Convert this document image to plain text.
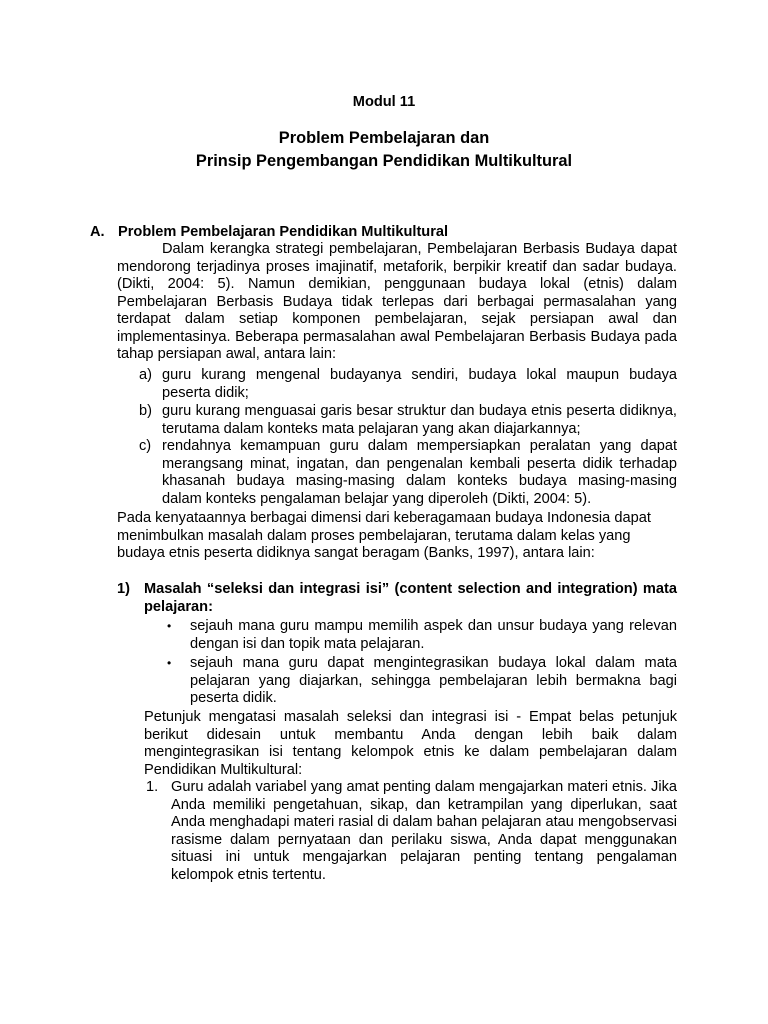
Modul 11
Problem Pembelajaran dan
Prinsip Pengembangan Pendidikan Multikultural
A. Problem Pembelajaran Pendidikan Multikultural
Dalam kerangka strategi pembelajaran, Pembelajaran Berbasis Budaya dapat mendorong terjadinya proses imajinatif, metaforik, berpikir kreatif dan sadar budaya. (Dikti, 2004: 5). Namun demikian, penggunaan budaya lokal (etnis) dalam Pembelajaran Berbasis Budaya tidak terlepas dari berbagai permasalahan yang terdapat dalam setiap komponen pembelajaran, sejak persiapan awal dan implementasinya. Beberapa permasalahan awal Pembelajaran Berbasis Budaya pada tahap persiapan awal, antara lain:
a) guru kurang mengenal budayanya sendiri, budaya lokal maupun budaya peserta didik;
b) guru kurang menguasai garis besar struktur dan budaya etnis peserta didiknya, terutama dalam konteks mata pelajaran yang akan diajarkannya;
c) rendahnya kemampuan guru dalam mempersiapkan peralatan yang dapat merangsang minat, ingatan, dan pengenalan kembali peserta didik terhadap khasanah budaya masing-masing dalam konteks budaya masing-masing dalam konteks pengalaman belajar yang diperoleh (Dikti, 2004: 5).
Pada kenyataannya berbagai dimensi dari keberagamaan budaya Indonesia dapat menimbulkan masalah dalam proses pembelajaran, terutama dalam kelas yang budaya etnis peserta didiknya sangat beragam (Banks, 1997), antara lain:
1) Masalah “seleksi dan integrasi isi” (content selection and integration) mata pelajaran:
• sejauh mana guru mampu memilih aspek dan unsur budaya yang relevan dengan isi dan topik mata pelajaran.
• sejauh mana guru dapat mengintegrasikan budaya lokal dalam mata pelajaran yang diajarkan, sehingga pembelajaran lebih bermakna bagi peserta didik.
Petunjuk mengatasi masalah seleksi dan integrasi isi - Empat belas petunjuk berikut didesain untuk membantu Anda dengan lebih baik dalam mengintegrasikan isi tentang kelompok etnis ke dalam pembelajaran dalam Pendidikan Multikultural:
1. Guru adalah variabel yang amat penting dalam mengajarkan materi etnis. Jika Anda memiliki pengetahuan, sikap, dan ketrampilan yang diperlukan, saat Anda menghadapi materi rasial di dalam bahan pelajaran atau mengobservasi rasisme dalam pernyataan dan perilaku siswa, Anda dapat menggunakan situasi ini untuk mengajarkan pelajaran penting tentang pengalaman kelompok etnis tertentu.
